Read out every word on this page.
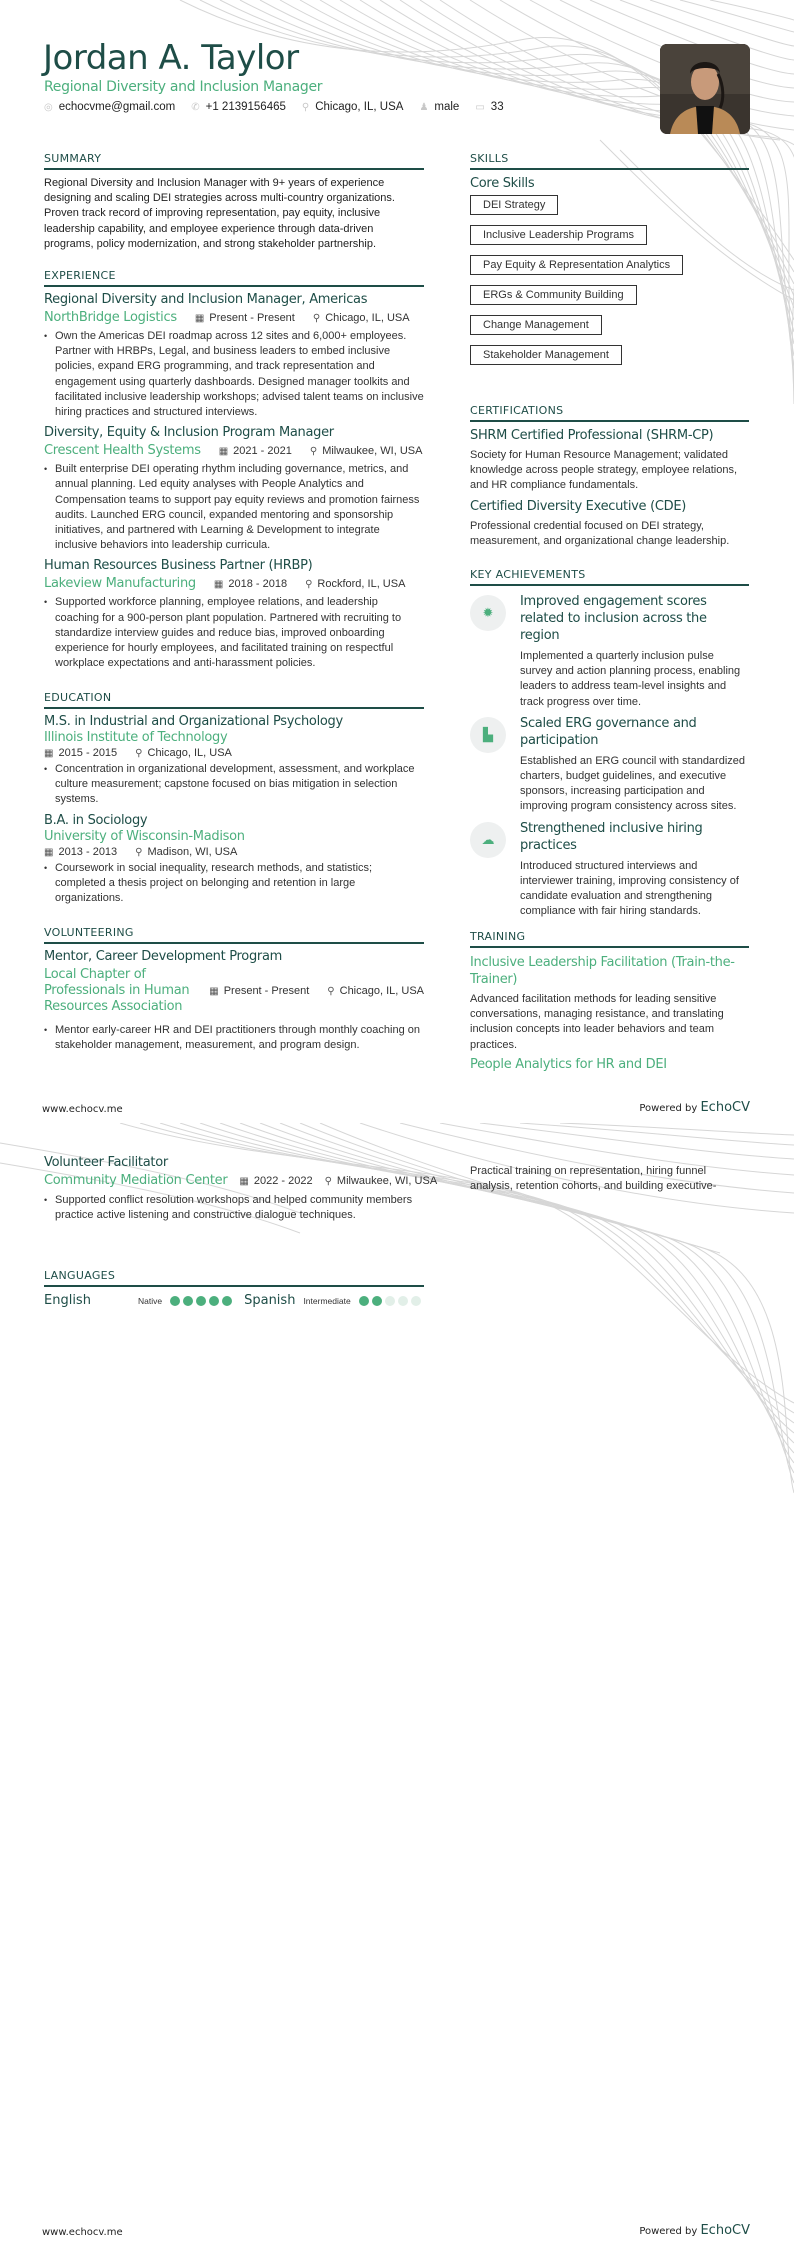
Jordan A. Taylor
Regional Diversity and Inclusion Manager
◎ echocvme@gmail.com ✆ +1 2139156465 ⚲ Chicago, IL, USA ♟ male ▭ 33
SUMMARY
Regional Diversity and Inclusion Manager with 9+ years of experience designing and scaling DEI strategies across multi-country organizations. Proven track record of improving representation, pay equity, inclusive leadership capability, and employee experience through data-driven programs, policy modernization, and strong stakeholder partnership.
EXPERIENCE
Regional Diversity and Inclusion Manager, Americas
NorthBridge Logistics ▦ Present - Present ⚲ Chicago, IL, USA
• Own the Americas DEI roadmap across 12 sites and 6,000+ employees. Partner with HRBPs, Legal, and business leaders to embed inclusive policies, expand ERG programming, and track representation and engagement using quarterly dashboards. Designed manager toolkits and facilitated inclusive leadership workshops; advised talent teams on inclusive hiring practices and structured interviews.
Diversity, Equity & Inclusion Program Manager
Crescent Health Systems ▦ 2021 - 2021 ⚲ Milwaukee, WI, USA
• Built enterprise DEI operating rhythm including governance, metrics, and annual planning. Led equity analyses with People Analytics and Compensation teams to support pay equity reviews and promotion fairness audits. Launched ERG council, expanded mentoring and sponsorship initiatives, and partnered with Learning & Development to integrate inclusive behaviors into leadership curricula.
Human Resources Business Partner (HRBP)
Lakeview Manufacturing ▦ 2018 - 2018 ⚲ Rockford, IL, USA
• Supported workforce planning, employee relations, and leadership coaching for a 900-person plant population. Partnered with recruiting to standardize interview guides and reduce bias, improved onboarding experience for hourly employees, and facilitated training on respectful workplace expectations and anti-harassment policies.
EDUCATION
M.S. in Industrial and Organizational Psychology
Illinois Institute of Technology
▦ 2015 - 2015 ⚲ Chicago, IL, USA
• Concentration in organizational development, assessment, and workplace culture measurement; capstone focused on bias mitigation in selection systems.
B.A. in Sociology
University of Wisconsin-Madison
▦ 2013 - 2013 ⚲ Madison, WI, USA
• Coursework in social inequality, research methods, and statistics; completed a thesis project on belonging and retention in large organizations.
VOLUNTEERING
Mentor, Career Development Program
Local Chapter of Professionals in Human Resources Association
▦ Present - Present ⚲ Chicago, IL, USA
• Mentor early-career HR and DEI practitioners through monthly coaching on stakeholder management, measurement, and program design.
SKILLS
Core Skills
DEI Strategy
Inclusive Leadership Programs
Pay Equity & Representation Analytics
ERGs & Community Building
Change Management
Stakeholder Management
CERTIFICATIONS
SHRM Certified Professional (SHRM-CP)
Society for Human Resource Management; validated knowledge across people strategy, employee relations, and HR compliance fundamentals.
Certified Diversity Executive (CDE)
Professional credential focused on DEI strategy, measurement, and organizational change leadership.
KEY ACHIEVEMENTS
✹
Improved engagement scores related to inclusion across the region
Implemented a quarterly inclusion pulse survey and action planning process, enabling leaders to address team-level insights and track progress over time.
▙
Scaled ERG governance and participation
Established an ERG council with standardized charters, budget guidelines, and executive sponsors, increasing participation and improving program consistency across sites.
☁
Strengthened inclusive hiring practices
Introduced structured interviews and interviewer training, improving consistency of candidate evaluation and strengthening compliance with fair hiring standards.
TRAINING
Inclusive Leadership Facilitation (Train-the-Trainer)
Advanced facilitation methods for leading sensitive conversations, managing resistance, and translating inclusion concepts into leader behaviors and team practices.
People Analytics for HR and DEI
www.echocv.me	Powered by EchoCV
Volunteer Facilitator
Community Mediation Center ▦ 2022 - 2022 ⚲ Milwaukee, WI, USA
• Supported conflict resolution workshops and helped community members practice active listening and constructive dialogue techniques.
LANGUAGES
English	Native	Spanish Intermediate
Practical training on representation, hiring funnel analysis, retention cohorts, and building executive-
www.echocv.me	Powered by EchoCV
